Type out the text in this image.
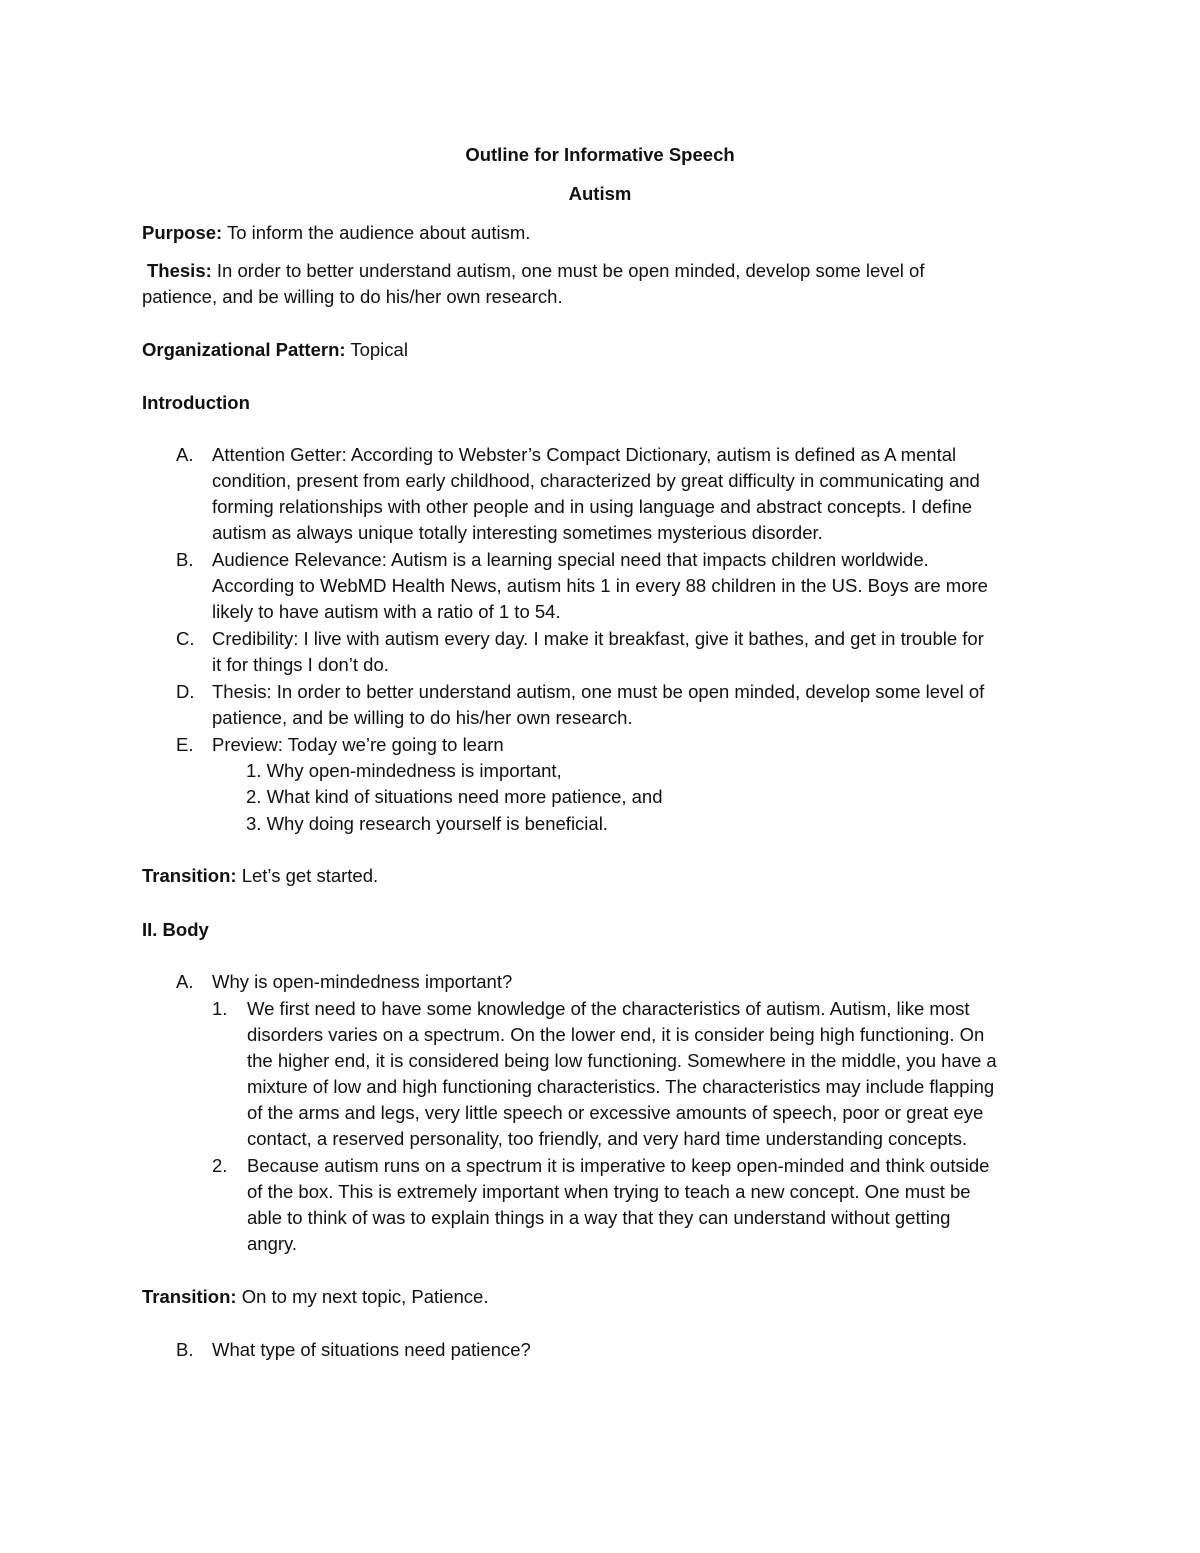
Outline for Informative Speech
Autism
Purpose: To inform the audience about autism.
Thesis: In order to better understand autism, one must be open minded, develop some level of
patience, and be willing to do his/her own research.
Organizational Pattern: Topical
Introduction
A. Attention Getter: According to Webster’s Compact Dictionary, autism is defined as A mental
condition, present from early childhood, characterized by great difficulty in communicating and
forming relationships with other people and in using language and abstract concepts. I define
autism as always unique totally interesting sometimes mysterious disorder.
B. Audience Relevance: Autism is a learning special need that impacts children worldwide.
According to WebMD Health News, autism hits 1 in every 88 children in the US. Boys are more
likely to have autism with a ratio of 1 to 54.
C. Credibility: I live with autism every day. I make it breakfast, give it bathes, and get in trouble for
it for things I don’t do.
D. Thesis: In order to better understand autism, one must be open minded, develop some level of
patience, and be willing to do his/her own research.
E. Preview: Today we’re going to learn
1. Why open-mindedness is important,
2. What kind of situations need more patience, and
3. Why doing research yourself is beneficial.
Transition: Let’s get started.
II. Body
A. Why is open-mindedness important?
1. We first need to have some knowledge of the characteristics of autism. Autism, like most
disorders varies on a spectrum. On the lower end, it is consider being high functioning. On
the higher end, it is considered being low functioning. Somewhere in the middle, you have a
mixture of low and high functioning characteristics. The characteristics may include flapping
of the arms and legs, very little speech or excessive amounts of speech, poor or great eye
contact, a reserved personality, too friendly, and very hard time understanding concepts.
2. Because autism runs on a spectrum it is imperative to keep open-minded and think outside
of the box. This is extremely important when trying to teach a new concept. One must be
able to think of was to explain things in a way that they can understand without getting
angry.
Transition: On to my next topic, Patience.
B. What type of situations need patience?
